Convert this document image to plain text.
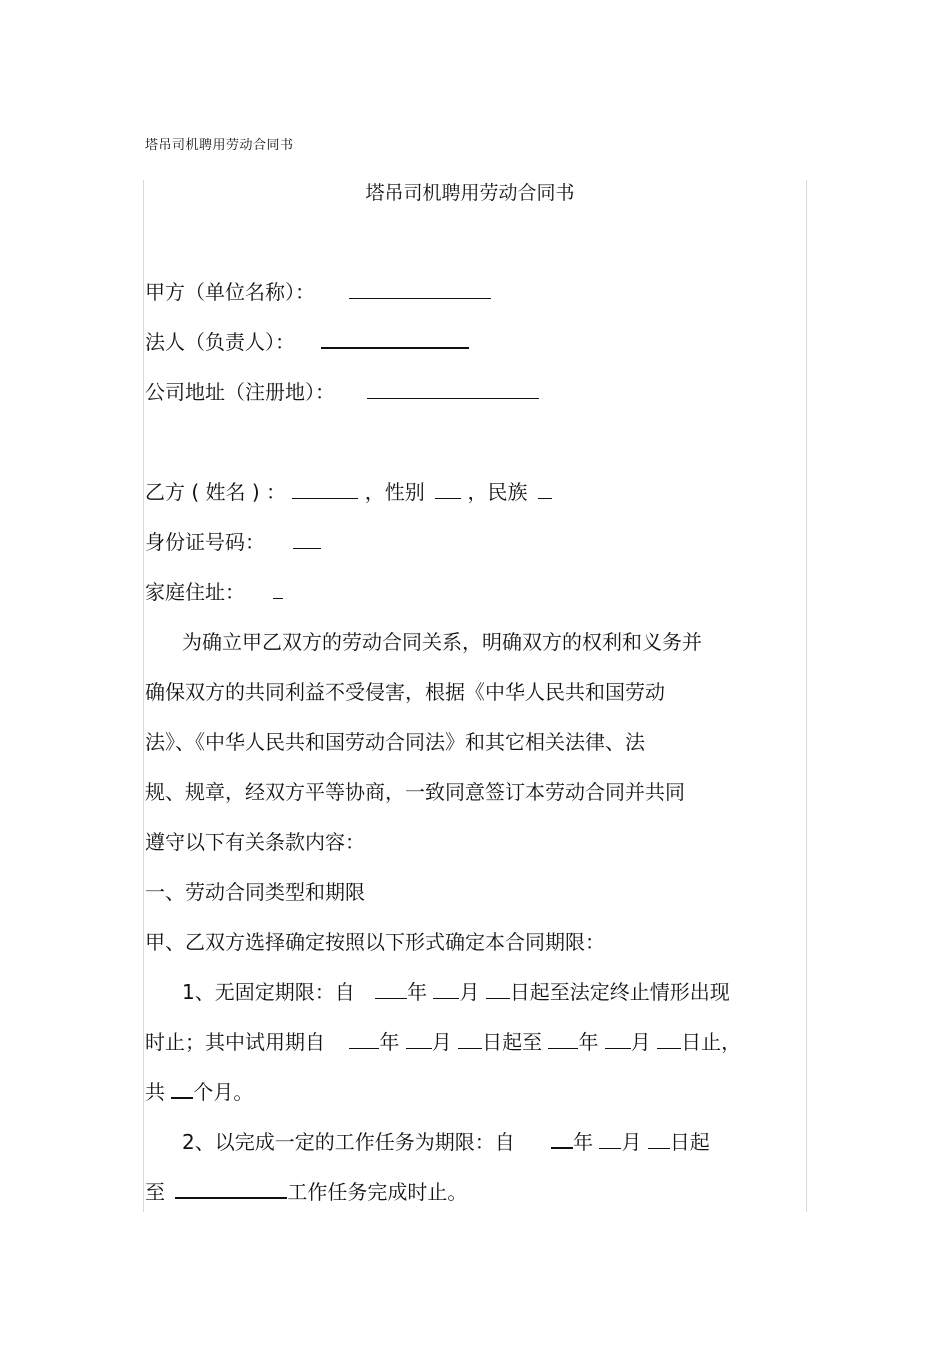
塔吊司机聘用劳动合同书
塔吊司机聘用劳动合同书
甲方（单位名称）：
法人（负责人）：
公司地址（注册地）：
乙方 ( 姓名 ) ：	，性别 ，民族
身份证号码：
家庭住址：
为确立甲乙双方的劳动合同关系，明确双方的权利和义务并
确保双方的共同利益不受侵害，根据《中华人民共和国劳动
法》、《中华人民共和国劳动合同法》和其它相关法律、法
规、规章，经双方平等协商，一致同意签订本劳动合同并共同
遵守以下有关条款内容：
一、劳动合同类型和期限
甲、乙双方选择确定按照以下形式确定本合同期限：
1、无固定期限：自	年 月 日起至法定终止情形出现
时止；其中试用期自	年 月 日起至 年 月 日止，
共 个月。
2、以完成一定的工作任务为期限：自	年 月 日起
至	工作任务完成时止。
